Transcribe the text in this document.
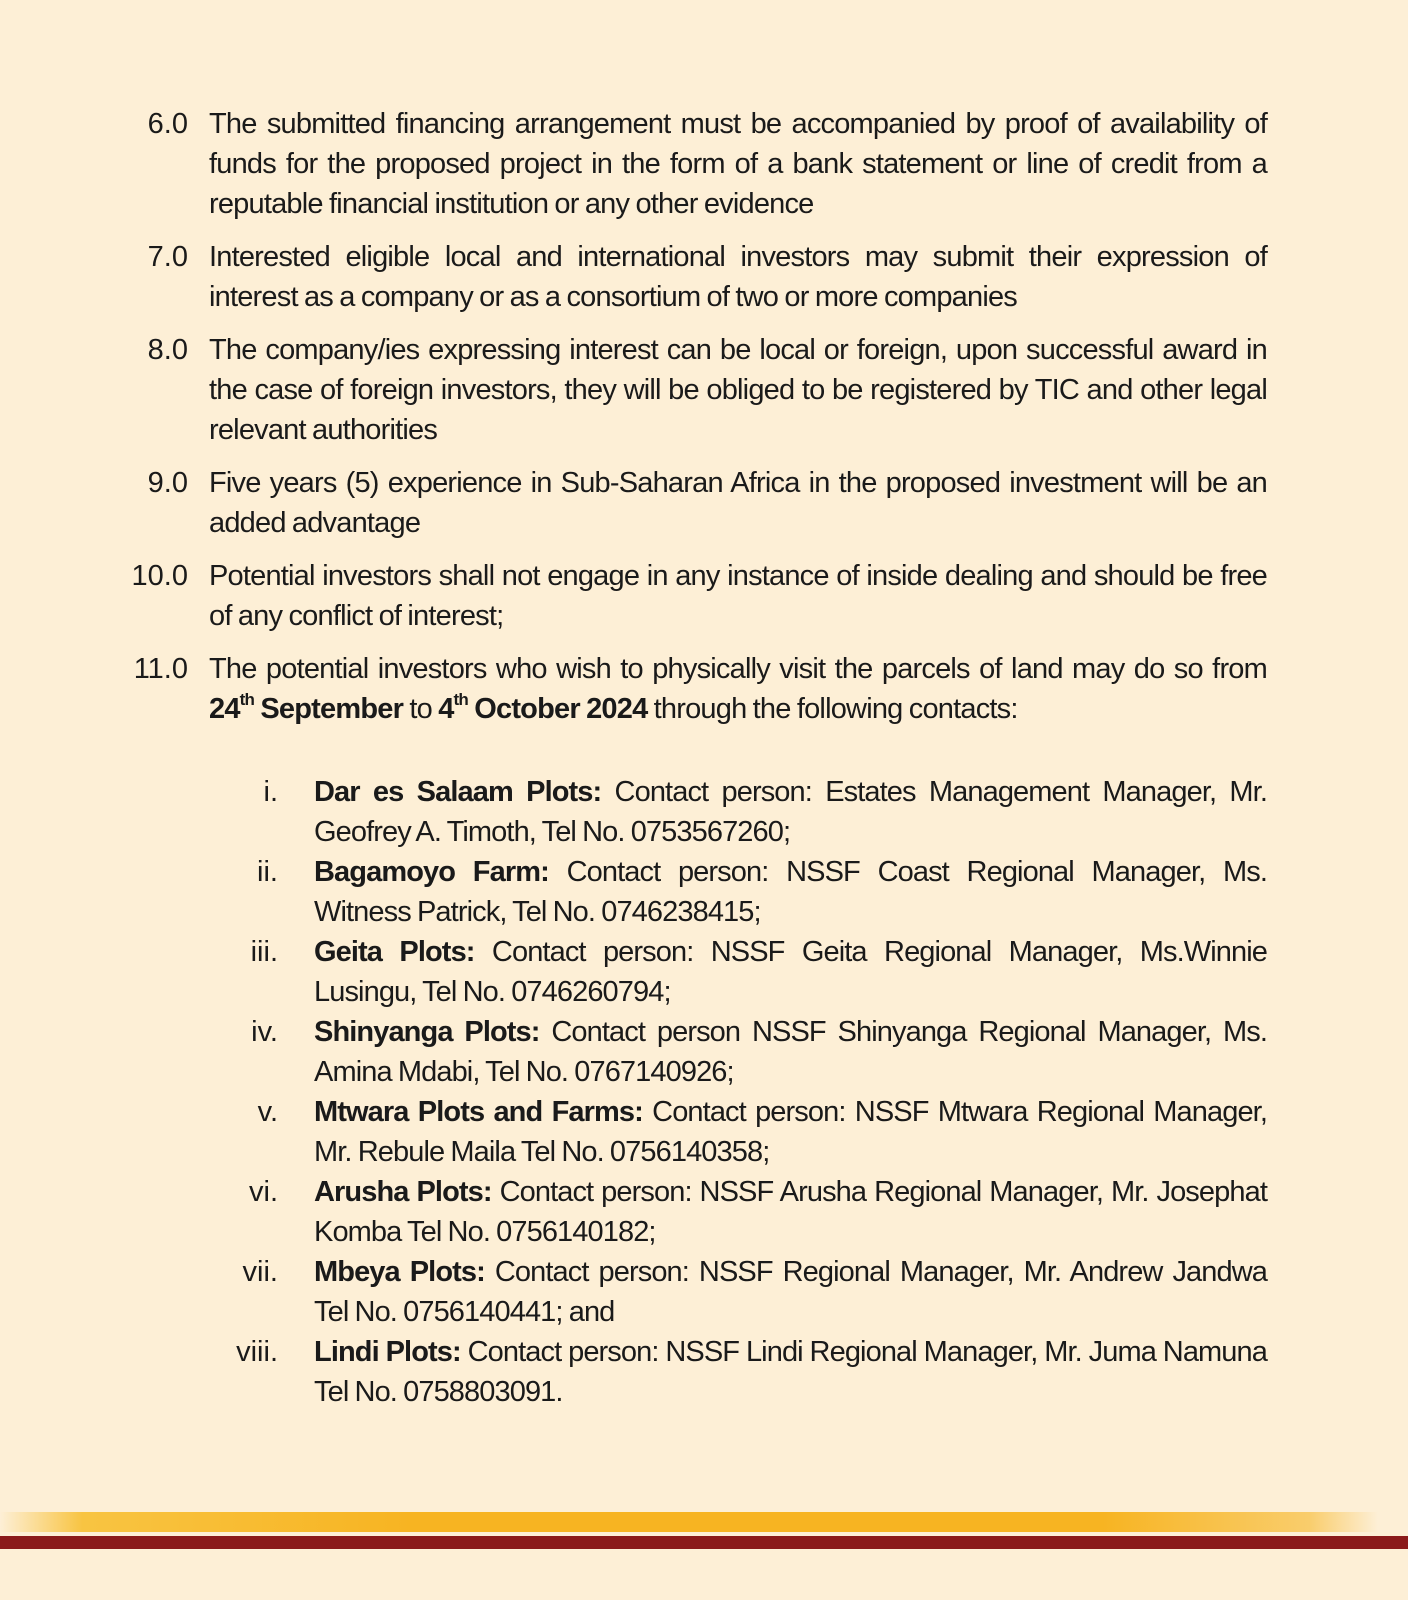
6.0 The submitted financing arrangement must be accompanied by proof of availability of funds for the proposed project in the form of a bank statement or line of credit from a reputable financial institution or any other evidence
7.0 Interested eligible local and international investors may submit their expression of interest as a company or as a consortium of two or more companies
8.0 The company/ies expressing interest can be local or foreign, upon successful award in the case of foreign investors, they will be obliged to be registered by TIC and other legal relevant authorities
9.0 Five years (5) experience in Sub-Saharan Africa in the proposed investment will be an added advantage
10.0 Potential investors shall not engage in any instance of inside dealing and should be free of any conflict of interest;
11.0 The potential investors who wish to physically visit the parcels of land may do so from 24th September to 4th October 2024 through the following contacts:
i. Dar es Salaam Plots: Contact person: Estates Management Manager, Mr. Geofrey A. Timoth, Tel No. 0753567260;
ii. Bagamoyo Farm: Contact person: NSSF Coast Regional Manager, Ms. Witness Patrick, Tel No. 0746238415;
iii. Geita Plots: Contact person: NSSF Geita Regional Manager, Ms.Winnie Lusingu, Tel No. 0746260794;
iv. Shinyanga Plots: Contact person NSSF Shinyanga Regional Manager, Ms. Amina Mdabi, Tel No. 0767140926;
v. Mtwara Plots and Farms: Contact person: NSSF Mtwara Regional Manager, Mr. Rebule Maila Tel No. 0756140358;
vi. Arusha Plots: Contact person: NSSF Arusha Regional Manager, Mr. Josephat Komba Tel No. 0756140182;
vii. Mbeya Plots: Contact person: NSSF Regional Manager, Mr. Andrew Jandwa Tel No. 0756140441; and
viii. Lindi Plots: Contact person: NSSF Lindi Regional Manager, Mr. Juma Namuna Tel No. 0758803091.
